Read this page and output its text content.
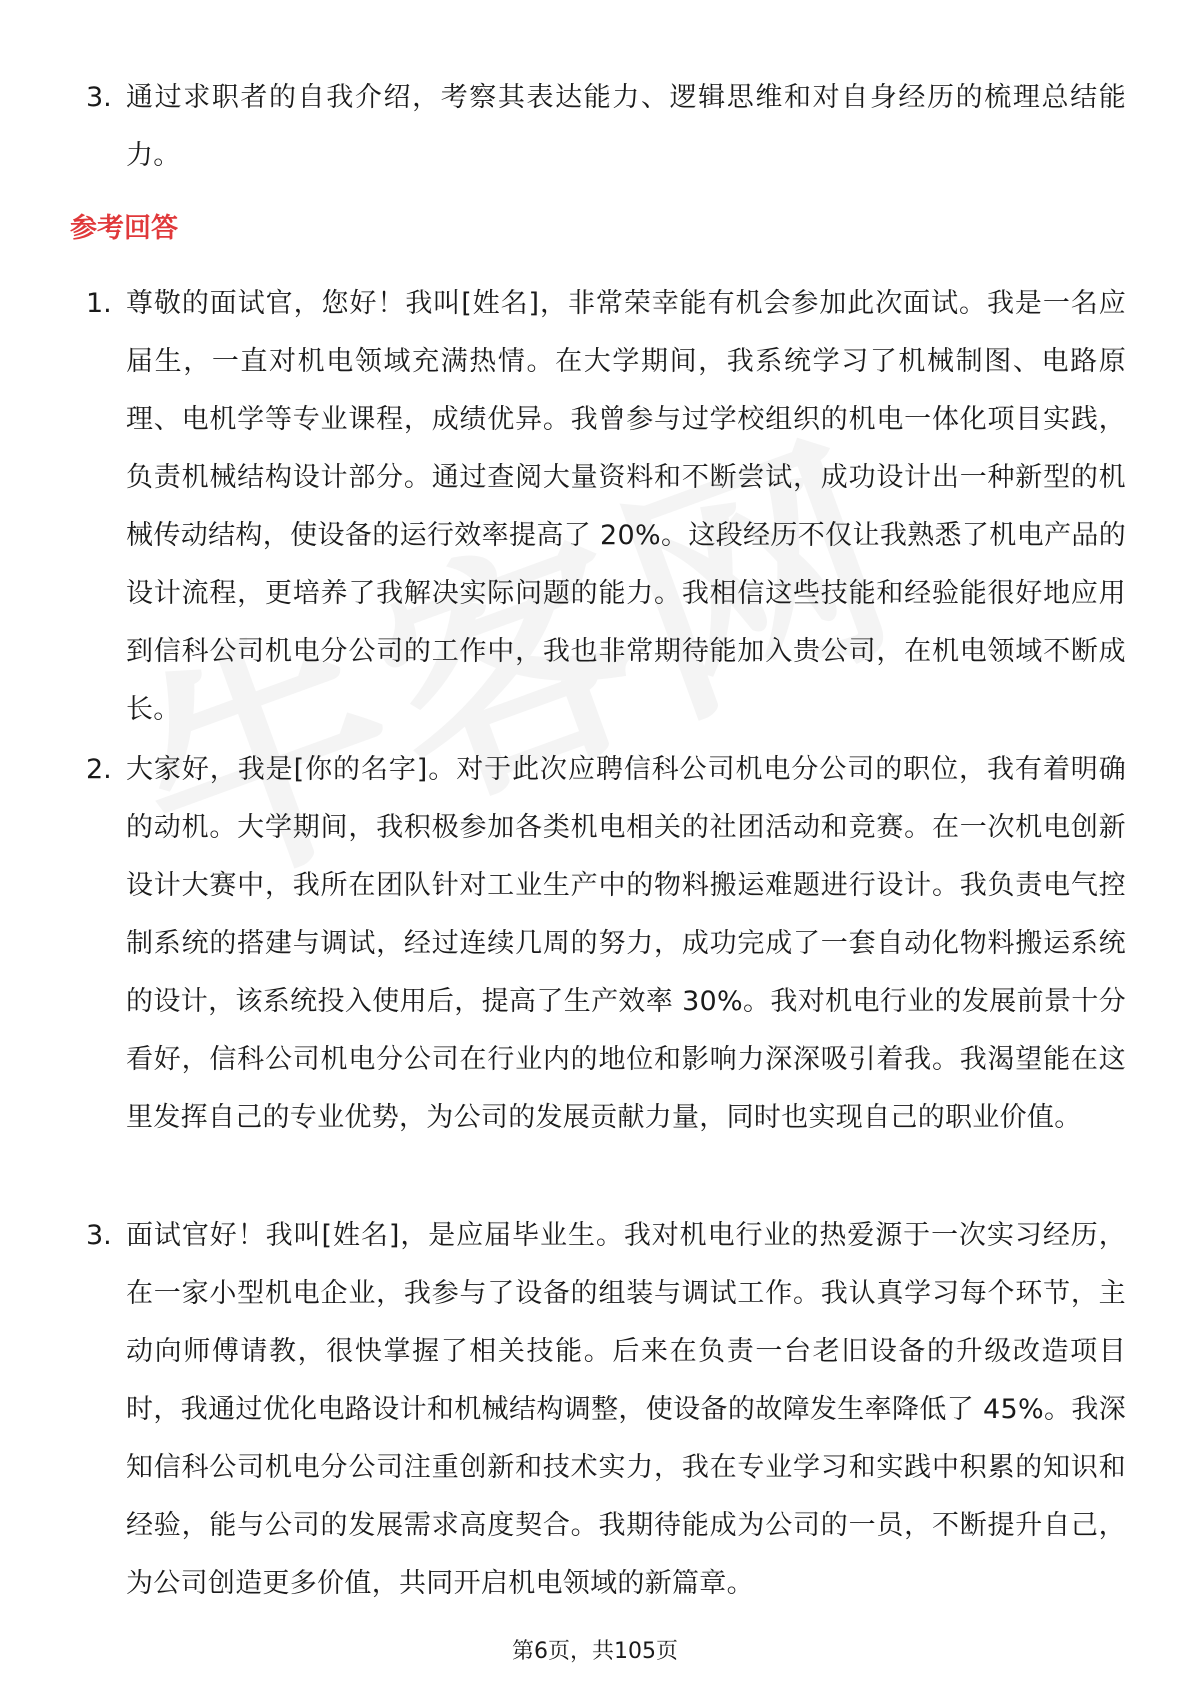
3. 通过求职者的自我介绍，考察其表达能力、逻辑思维和对自身经历的梳理总结能力。
参考回答
1. 尊敬的面试官，您好！我叫[姓名]，非常荣幸能有机会参加此次面试。我是一名应届生，一直对机电领域充满热情。在大学期间，我系统学习了机械制图、电路原理、电机学等专业课程，成绩优异。我曾参与过学校组织的机电一体化项目实践，负责机械结构设计部分。通过查阅大量资料和不断尝试，成功设计出一种新型的机械传动结构，使设备的运行效率提高了 20%。这段经历不仅让我熟悉了机电产品的设计流程，更培养了我解决实际问题的能力。我相信这些技能和经验能很好地应用到信科公司机电分公司的工作中，我也非常期待能加入贵公司，在机电领域不断成长。
2. 大家好，我是[你的名字]。对于此次应聘信科公司机电分公司的职位，我有着明确的动机。大学期间，我积极参加各类机电相关的社团活动和竞赛。在一次机电创新设计大赛中，我所在团队针对工业生产中的物料搬运难题进行设计。我负责电气控制系统的搭建与调试，经过连续几周的努力，成功完成了一套自动化物料搬运系统的设计，该系统投入使用后，提高了生产效率 30%。我对机电行业的发展前景十分看好，信科公司机电分公司在行业内的地位和影响力深深吸引着我。我渴望能在这里发挥自己的专业优势，为公司的发展贡献力量，同时也实现自己的职业价值。
3. 面试官好！我叫[姓名]，是应届毕业生。我对机电行业的热爱源于一次实习经历，在一家小型机电企业，我参与了设备的组装与调试工作。我认真学习每个环节，主动向师傅请教，很快掌握了相关技能。后来在负责一台老旧设备的升级改造项目时，我通过优化电路设计和机械结构调整，使设备的故障发生率降低了 45%。我深知信科公司机电分公司注重创新和技术实力，我在专业学习和实践中积累的知识和经验，能与公司的发展需求高度契合。我期待能成为公司的一员，不断提升自己，为公司创造更多价值，共同开启机电领域的新篇章。
第6页，共105页
